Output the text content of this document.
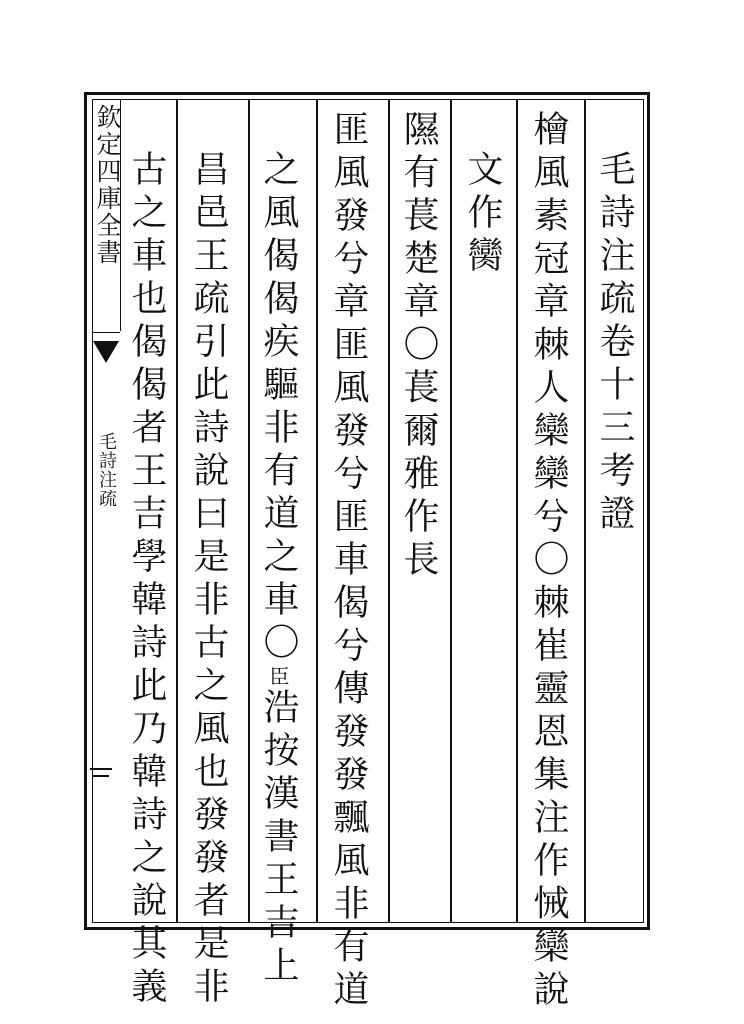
欽定四庫全書
毛詩注疏	毛詩注疏卷十三考證
檜風素冠章棘人欒欒兮〇棘崔靈恩集注作悈欒說
文作臠
隰有萇楚章〇萇爾雅作長
匪風發兮章匪風發兮匪車偈兮傳發發飄風非有道
之風偈偈疾驅非有道之車〇臣浩按漢書王吉上
昌邑王疏引此詩說曰是非古之風也發發者是非
古之車也偈偈者王吉學韓詩此乃韓詩之說其義
